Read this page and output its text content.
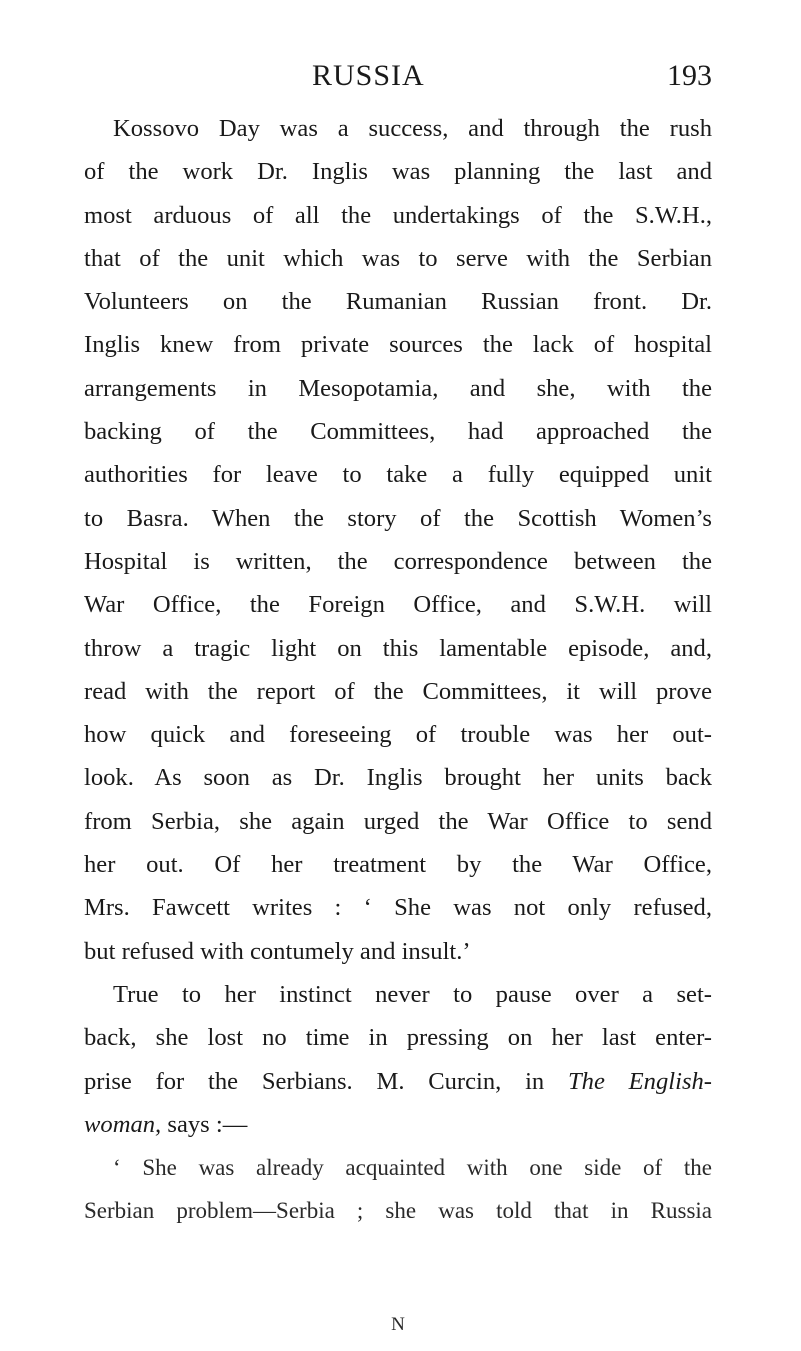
RUSSIA	193
Kossovo Day was a success, and through the rush
of the work Dr. Inglis was planning the last and
most arduous of all the undertakings of the S.W.H.,
that of the unit which was to serve with the Serbian
Volunteers on the Rumanian Russian front. Dr.
Inglis knew from private sources the lack of hospital
arrangements in Mesopotamia, and she, with the
backing of the Committees, had approached the
authorities for leave to take a fully equipped unit
to Basra. When the story of the Scottish Women’s
Hospital is written, the correspondence between the
War Office, the Foreign Office, and S.W.H. will
throw a tragic light on this lamentable episode, and,
read with the report of the Committees, it will prove
how quick and foreseeing of trouble was her out-
look. As soon as Dr. Inglis brought her units back
from Serbia, she again urged the War Office to send
her out. Of her treatment by the War Office,
Mrs. Fawcett writes : ‘ She was not only refused,
but refused with contumely and insult.’
True to her instinct never to pause over a set-
back, she lost no time in pressing on her last enter-
prise for the Serbians. M. Curcin, in The English-
woman, says :—
‘ She was already acquainted with one side of the
Serbian problem—Serbia ; she was told that in Russia
N
